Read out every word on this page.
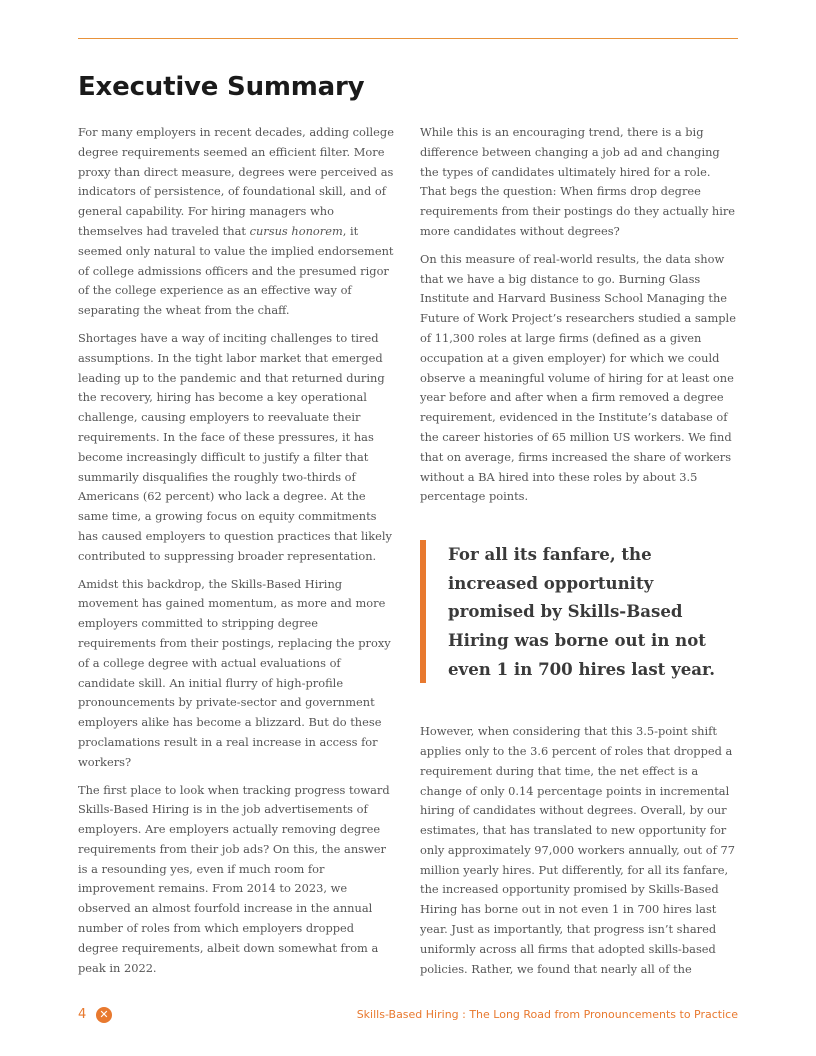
Executive Summary

For many employers in recent decades, adding college degree requirements seemed an efficient filter. More proxy than direct measure, degrees were perceived as indicators of persistence, of foundational skill, and of general capability. For hiring managers who themselves had traveled that cursus honorem, it seemed only natural to value the implied endorsement of college admissions officers and the presumed rigor of the college experience as an effective way of separating the wheat from the chaff.

Shortages have a way of inciting challenges to tired assumptions. In the tight labor market that emerged leading up to the pandemic and that returned during the recovery, hiring has become a key operational challenge, causing employers to reevaluate their requirements. In the face of these pressures, it has become increasingly difficult to justify a filter that summarily disqualifies the roughly two-thirds of Americans (62 percent) who lack a degree. At the same time, a growing focus on equity commitments has caused employers to question practices that likely contributed to suppressing broader representation.

Amidst this backdrop, the Skills-Based Hiring movement has gained momentum, as more and more employers committed to stripping degree requirements from their postings, replacing the proxy of a college degree with actual evaluations of candidate skill. An initial flurry of high-profile pronouncements by private-sector and government employers alike has become a blizzard. But do these proclamations result in a real increase in access for workers?

The first place to look when tracking progress toward Skills-Based Hiring is in the job advertisements of employers. Are employers actually removing degree requirements from their job ads? On this, the answer is a resounding yes, even if much room for improvement remains. From 2014 to 2023, we observed an almost fourfold increase in the annual number of roles from which employers dropped degree requirements, albeit down somewhat from a peak in 2022.

While this is an encouraging trend, there is a big difference between changing a job ad and changing the types of candidates ultimately hired for a role. That begs the question: When firms drop degree requirements from their postings do they actually hire more candidates without degrees?

On this measure of real-world results, the data show that we have a big distance to go. Burning Glass Institute and Harvard Business School Managing the Future of Work Project’s researchers studied a sample of 11,300 roles at large firms (defined as a given occupation at a given employer) for which we could observe a meaningful volume of hiring for at least one year before and after when a firm removed a degree requirement, evidenced in the Institute’s database of the career histories of 65 million US workers. We find that on average, firms increased the share of workers without a BA hired into these roles by about 3.5 percentage points.

For all its fanfare, the increased opportunity promised by Skills-Based Hiring was borne out in not even 1 in 700 hires last year.

However, when considering that this 3.5-point shift applies only to the 3.6 percent of roles that dropped a requirement during that time, the net effect is a change of only 0.14 percentage points in incremental hiring of candidates without degrees. Overall, by our estimates, that has translated to new opportunity for only approximately 97,000 workers annually, out of 77 million yearly hires. Put differently, for all its fanfare, the increased opportunity promised by Skills-Based Hiring has borne out in not even 1 in 700 hires last year. Just as importantly, that progress isn’t shared uniformly across all firms that adopted skills-based policies. Rather, we found that nearly all of the

4	✕	Skills-Based Hiring : The Long Road from Pronouncements to Practice
